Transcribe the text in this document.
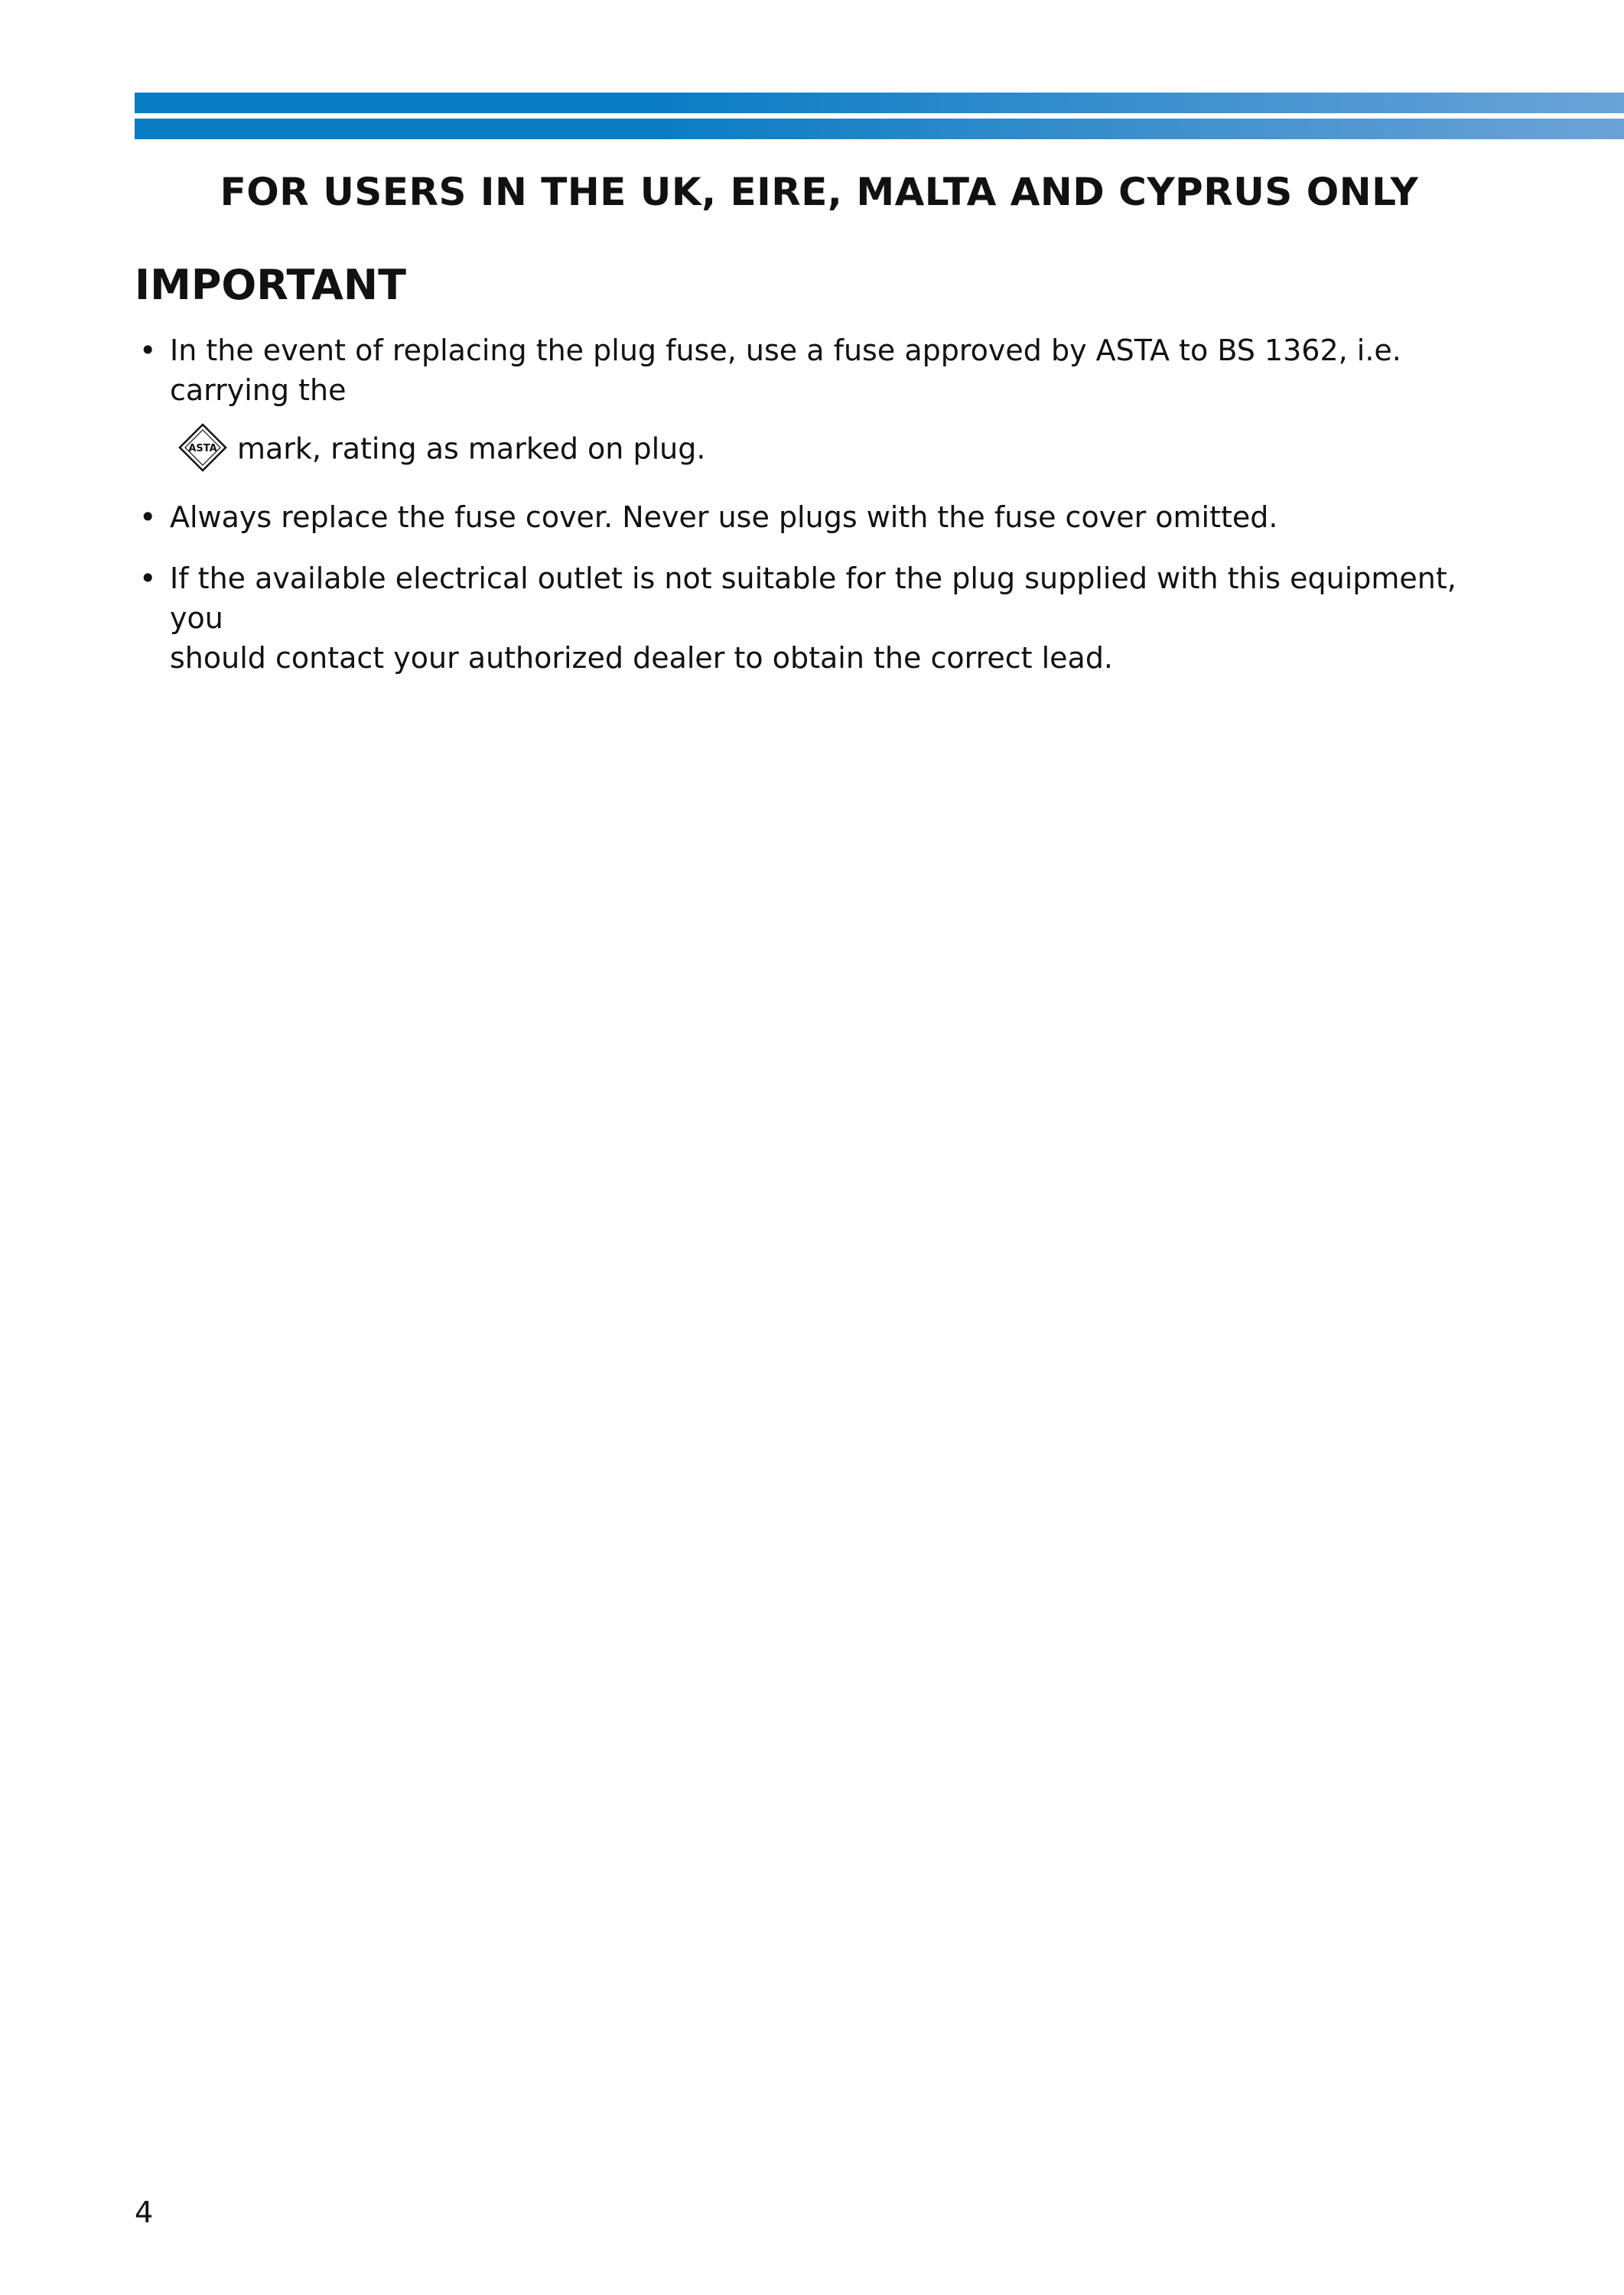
FOR USERS IN THE UK, EIRE, MALTA AND CYPRUS ONLY
IMPORTANT
• In the event of replacing the plug fuse, use a fuse approved by ASTA to BS 1362, i.e. carrying the
ASTA mark, rating as marked on plug.
• Always replace the fuse cover. Never use plugs with the fuse cover omitted.
• If the available electrical outlet is not suitable for the plug supplied with this equipment, you
should contact your authorized dealer to obtain the correct lead.
4
